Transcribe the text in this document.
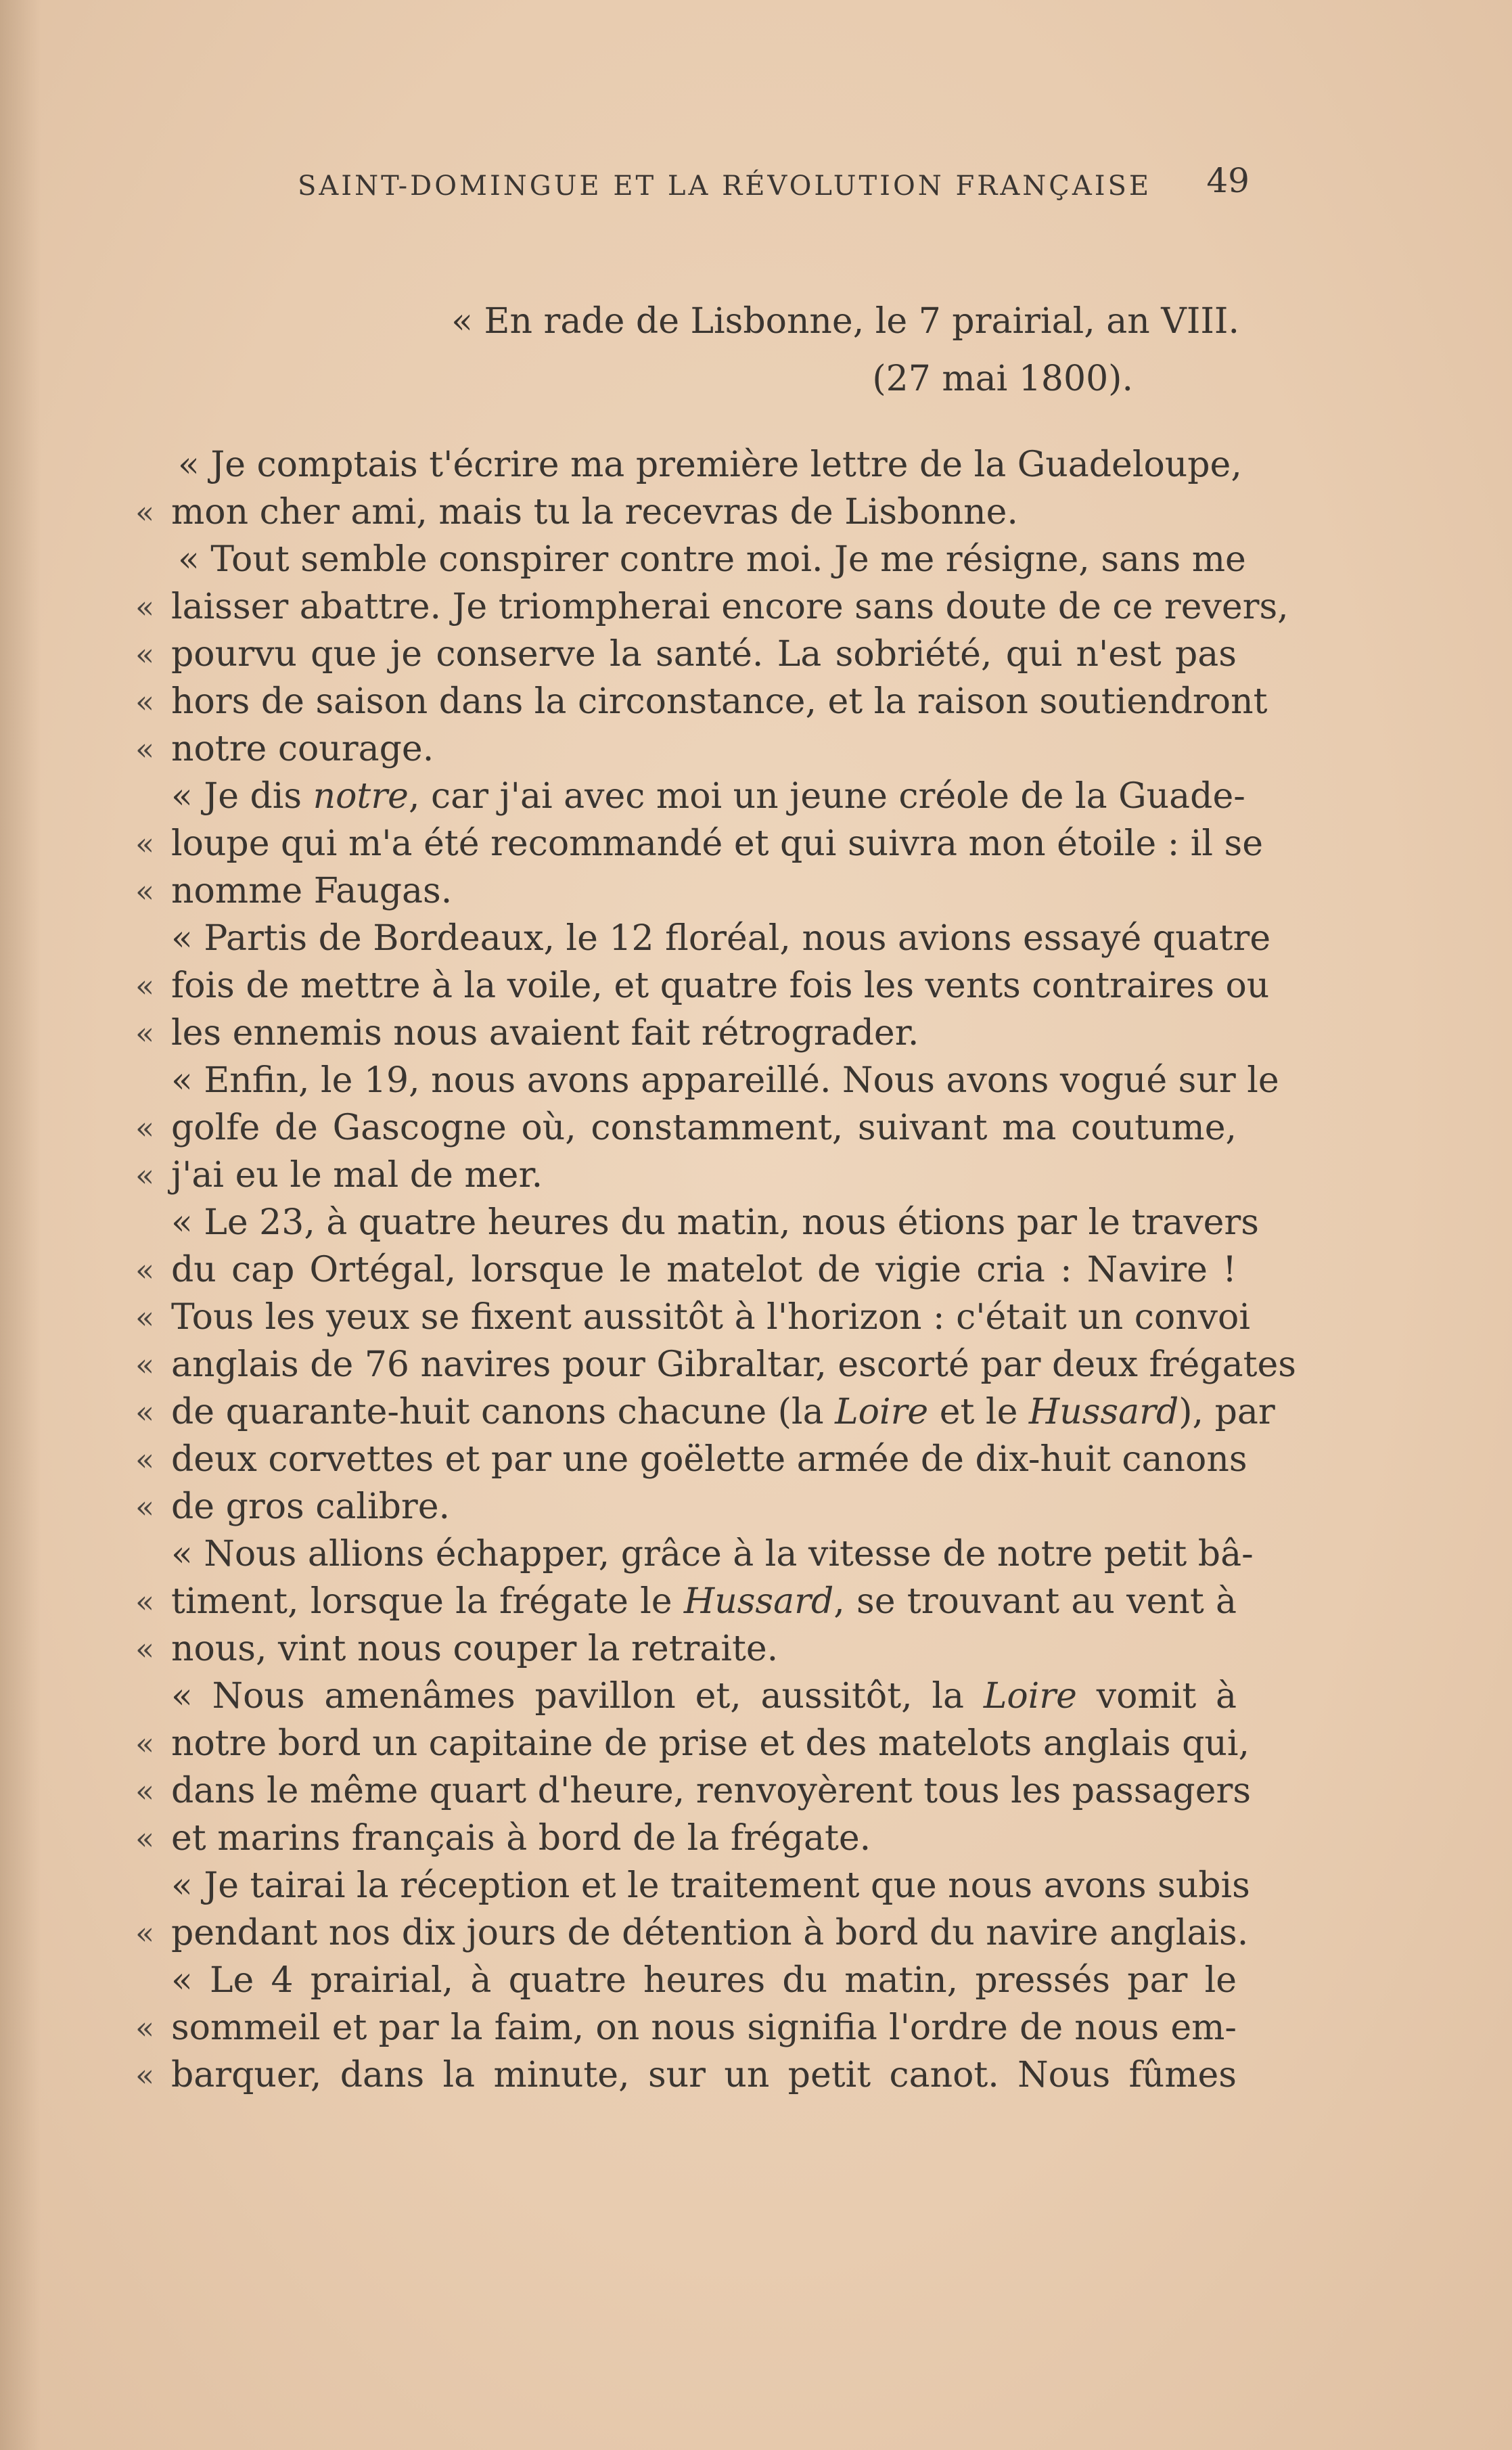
SAINT-DOMINGUE ET LA RÉVOLUTION FRANÇAISE 49
« En rade de Lisbonne, le 7 prairial, an VIII.
(27 mai 1800).
« Je comptais t'écrire ma première lettre de la Guadeloupe,
« mon cher ami, mais tu la recevras de Lisbonne.
« Tout semble conspirer contre moi. Je me résigne, sans me
« laisser abattre. Je triompherai encore sans doute de ce revers,
« pourvu que je conserve la santé. La sobriété, qui n'est pas
« hors de saison dans la circonstance, et la raison soutiendront
« notre courage.
« Je dis notre, car j'ai avec moi un jeune créole de la Guade-
« loupe qui m'a été recommandé et qui suivra mon étoile : il se
« nomme Faugas.
« Partis de Bordeaux, le 12 floréal, nous avions essayé quatre
« fois de mettre à la voile, et quatre fois les vents contraires ou
« les ennemis nous avaient fait rétrograder.
« Enfin, le 19, nous avons appareillé. Nous avons vogué sur le
« golfe de Gascogne où, constamment, suivant ma coutume,
« j'ai eu le mal de mer.
« Le 23, à quatre heures du matin, nous étions par le travers
« du cap Ortégal, lorsque le matelot de vigie cria : Navire !
« Tous les yeux se fixent aussitôt à l'horizon : c'était un convoi
« anglais de 76 navires pour Gibraltar, escorté par deux frégates
« de quarante-huit canons chacune (la Loire et le Hussard), par
« deux corvettes et par une goëlette armée de dix-huit canons
« de gros calibre.
« Nous allions échapper, grâce à la vitesse de notre petit bâ-
« timent, lorsque la frégate le Hussard, se trouvant au vent à
« nous, vint nous couper la retraite.
« Nous amenâmes pavillon et, aussitôt, la Loire vomit à
« notre bord un capitaine de prise et des matelots anglais qui,
« dans le même quart d'heure, renvoyèrent tous les passagers
« et marins français à bord de la frégate.
« Je tairai la réception et le traitement que nous avons subis
« pendant nos dix jours de détention à bord du navire anglais.
« Le 4 prairial, à quatre heures du matin, pressés par le
« sommeil et par la faim, on nous signifia l'ordre de nous em-
« barquer, dans la minute, sur un petit canot. Nous fûmes
